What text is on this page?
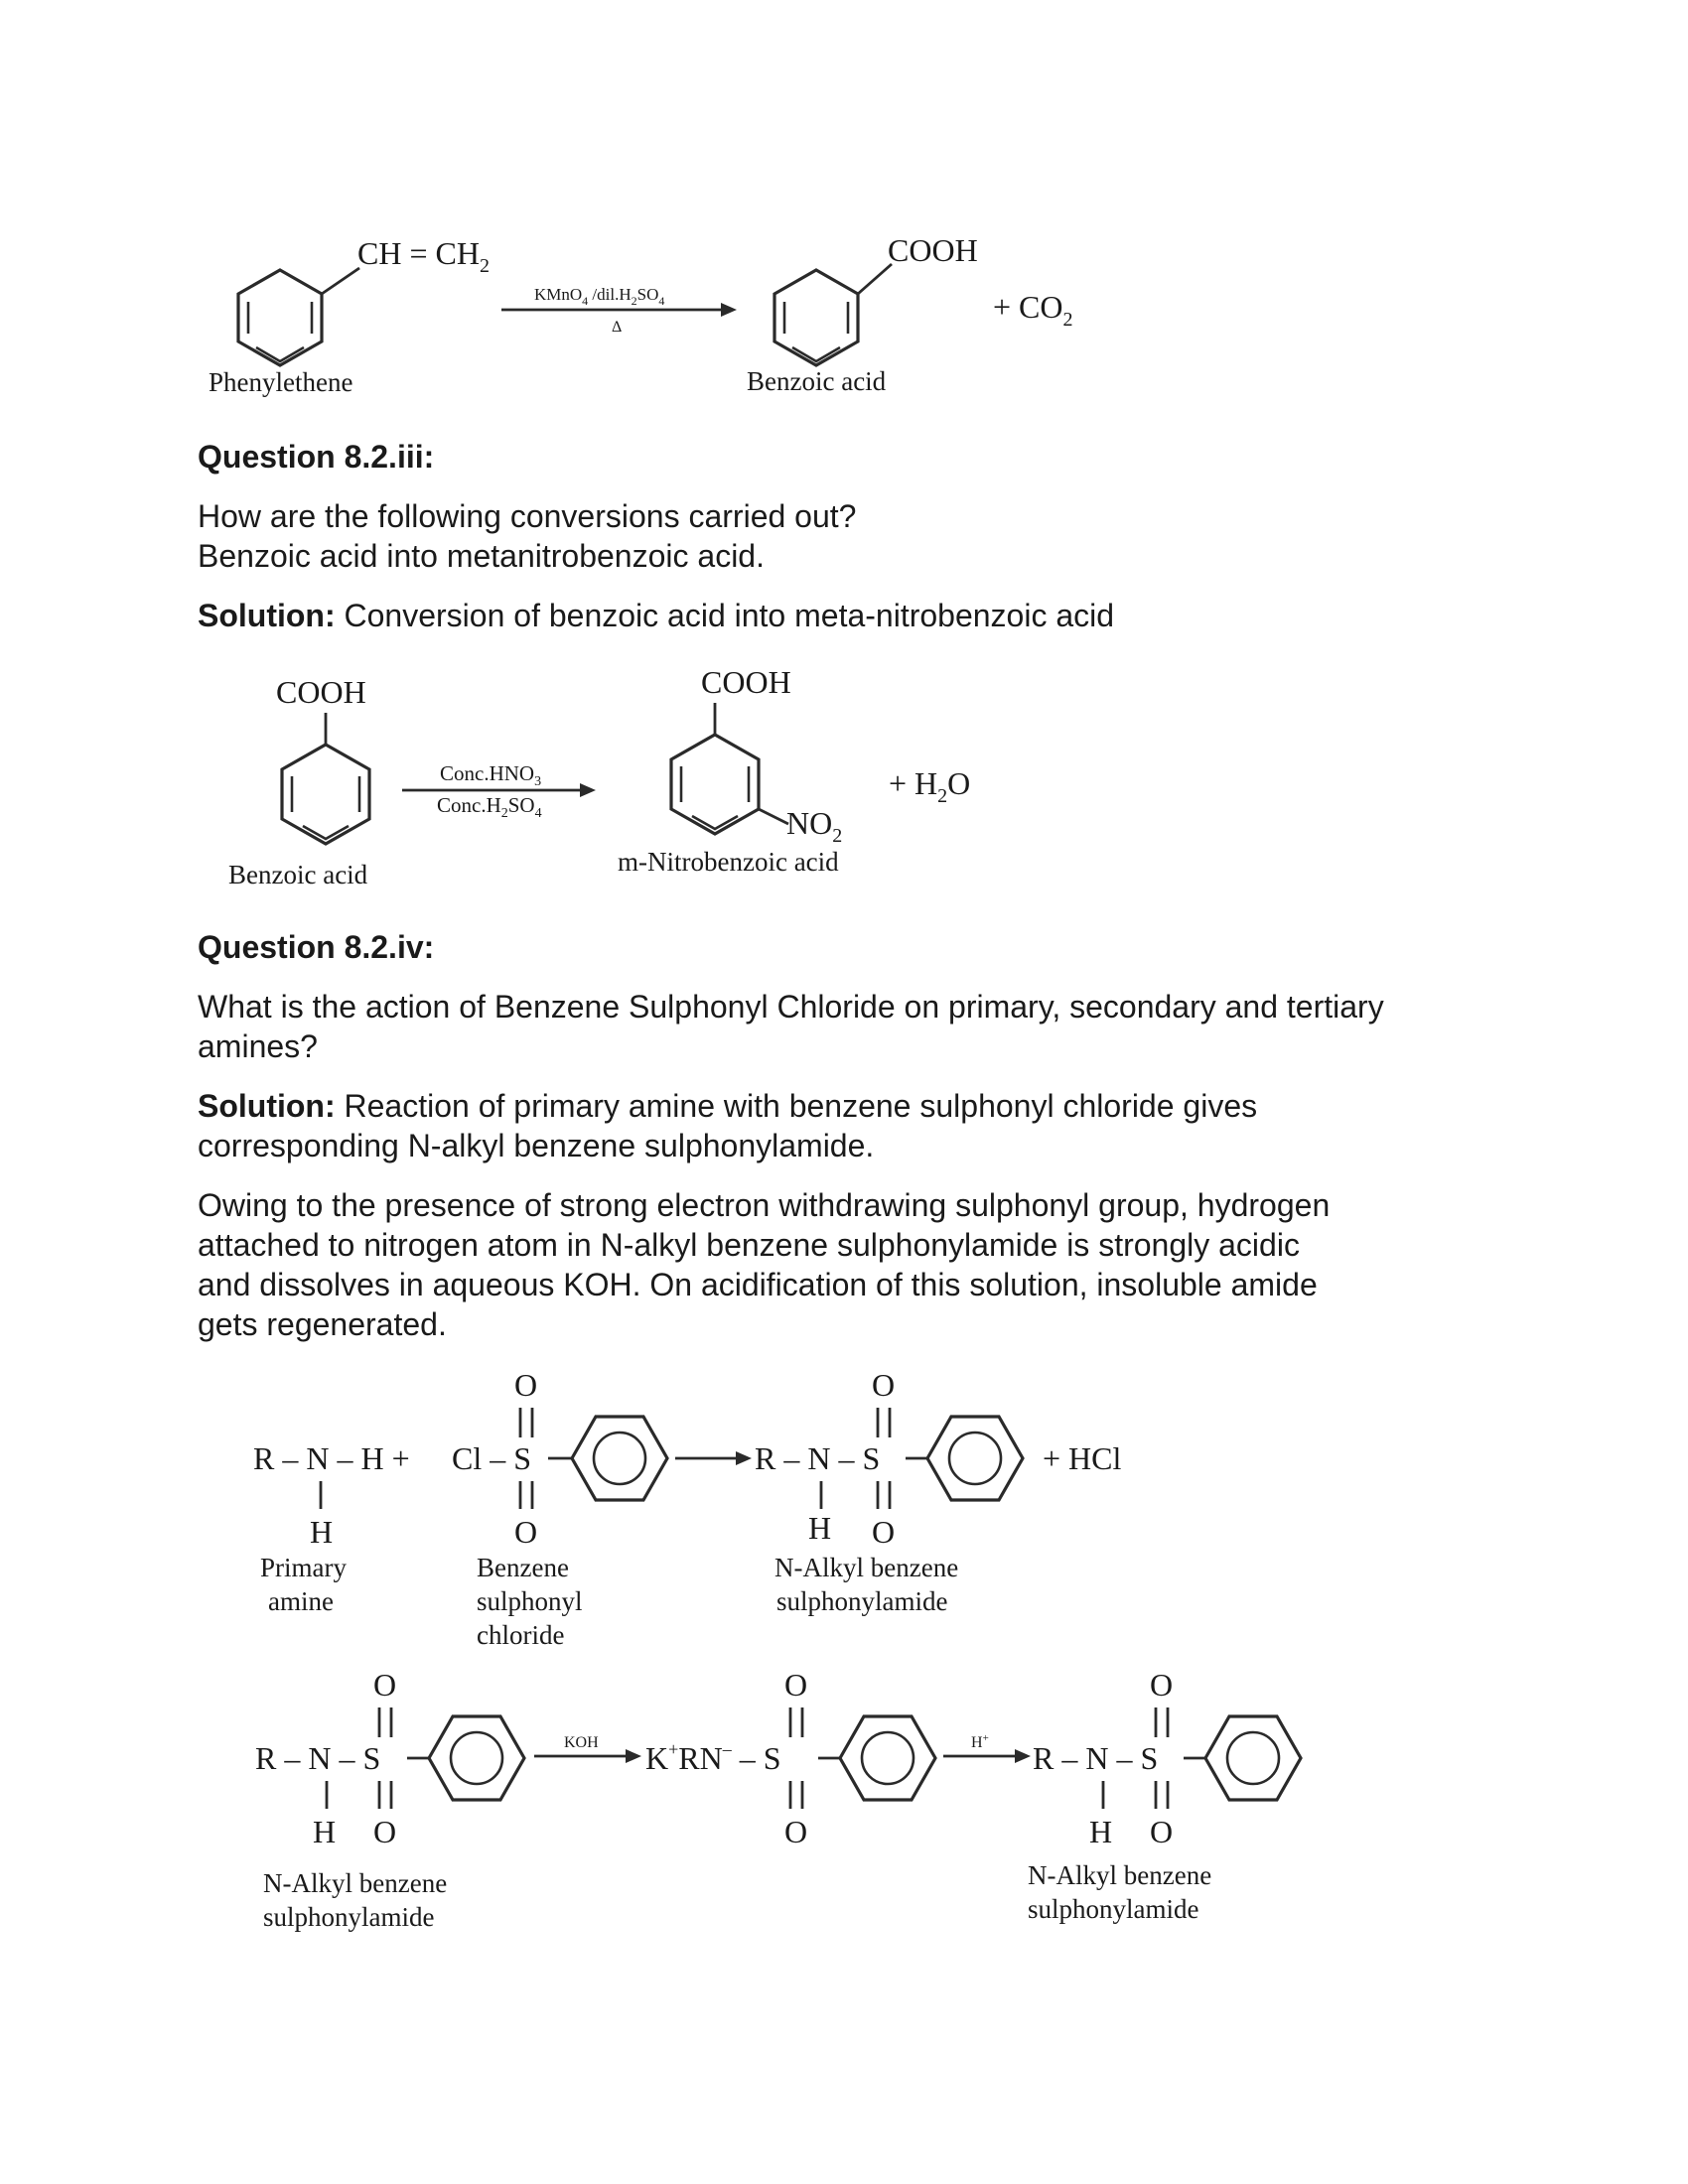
CH = $CH_2$
Phenylethene
KMnO$_4$ $/dil.H_2SO_4$
Δ
COOH
Benzoic acid
+ $CO_2$

Question 8.2.iii:

How are the following conversions carried out?

Benzoic acid into metanitrobenzoic acid.

Solution: Conversion of benzoic acid into meta-nitrobenzoic acid

COOH
Benzoic acid
$Conc.HNO_3$
$Conc.H_2SO_4$
COOH
$NO_2$
m-Nitrobenzoic acid
+ $H_2O$

Question 8.2.iv:

What is the action of Benzene Sulphonyl Chloride on primary, secondary and tertiary

amines?

Solution: Reaction of primary amine with benzene sulphonyl chloride gives

corresponding N-alkyl benzene sulphonylamide.

Owing to the presence of strong electron withdrawing sulphonyl group, hydrogen

attached to nitrogen atom in N-alkyl benzene sulphonylamide is strongly acidic

and dissolves in aqueous KOH. On acidification of this solution, insoluble amide

gets regenerated.

R – N – H +
H
Primary
amine
O
Cl – S
O
Benzene
sulphonyl
chloride
R – N – S
O
H O
+ HCl
N-Alkyl benzene
sulphonylamide
O
R – N – S
H O
N-Alkyl benzene
sulphonylamide
KOH K+RN– – S
O
O
H+
R – N – S
O
H O
N-Alkyl benzene
sulphonylamide
